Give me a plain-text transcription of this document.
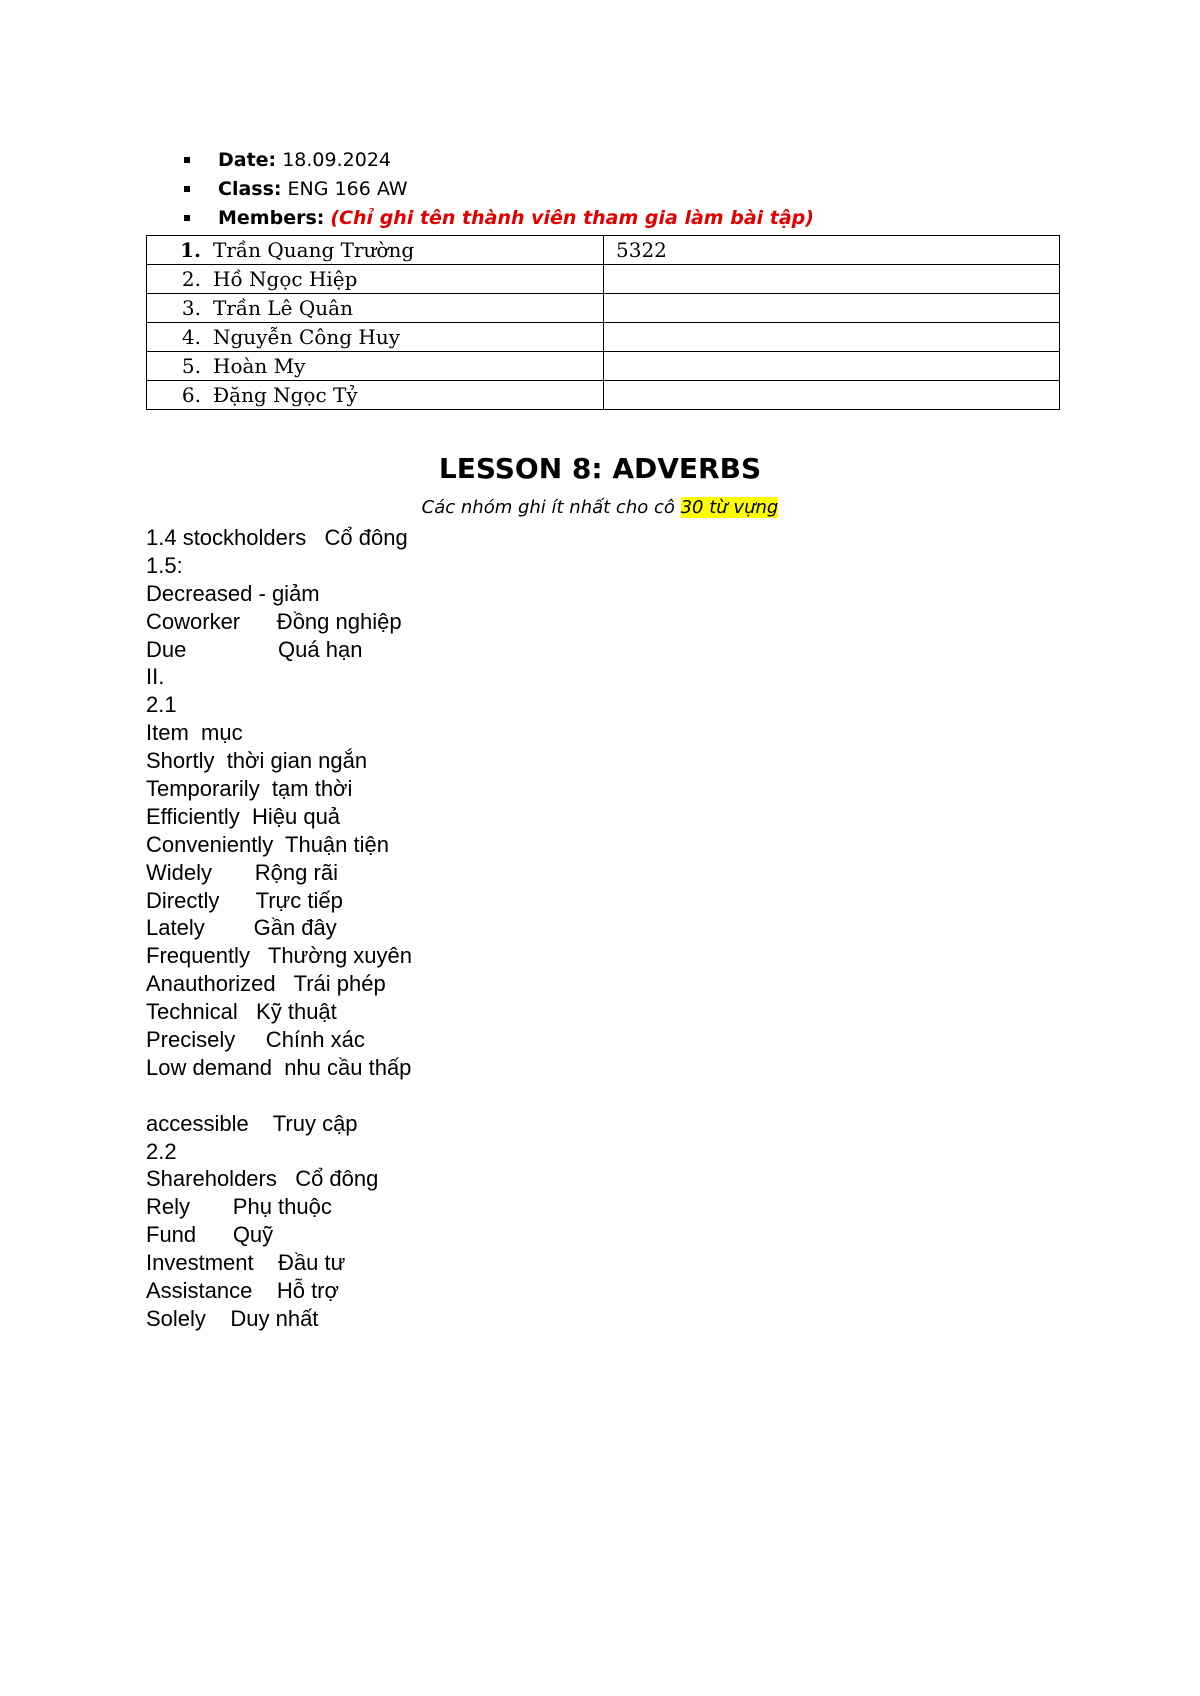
Date: 18.09.2024
Class: ENG 166 AW
Members: (Chỉ ghi tên thành viên tham gia làm bài tập)
1. Trần Quang Trường	5322
2. Hồ Ngọc Hiệp	
3. Trần Lê Quân	
4. Nguyễn Công Huy	
5. Hoàn My	
6. Đặng Ngọc Tỷ	
LESSON 8: ADVERBS
Các nhóm ghi ít nhất cho cô 30 từ vựng
1.4 stockholders   Cổ đông
1.5:
Decreased - giảm
Coworker      Đồng nghiệp
Due               Quá hạn
II.
2.1
Item  mục
Shortly  thời gian ngắn
Temporarily  tạm thời
Efficiently  Hiệu quả
Conveniently  Thuận tiện
Widely       Rộng rãi
Directly      Trực tiếp
Lately        Gần đây
Frequently   Thường xuyên
Anauthorized   Trái phép
Technical   Kỹ thuật
Precisely     Chính xác
Low demand  nhu cầu thấp
accessible    Truy cập
2.2
Shareholders   Cổ đông
Rely       Phụ thuộc
Fund      Quỹ
Investment    Đầu tư
Assistance    Hỗ trợ
Solely    Duy nhất
